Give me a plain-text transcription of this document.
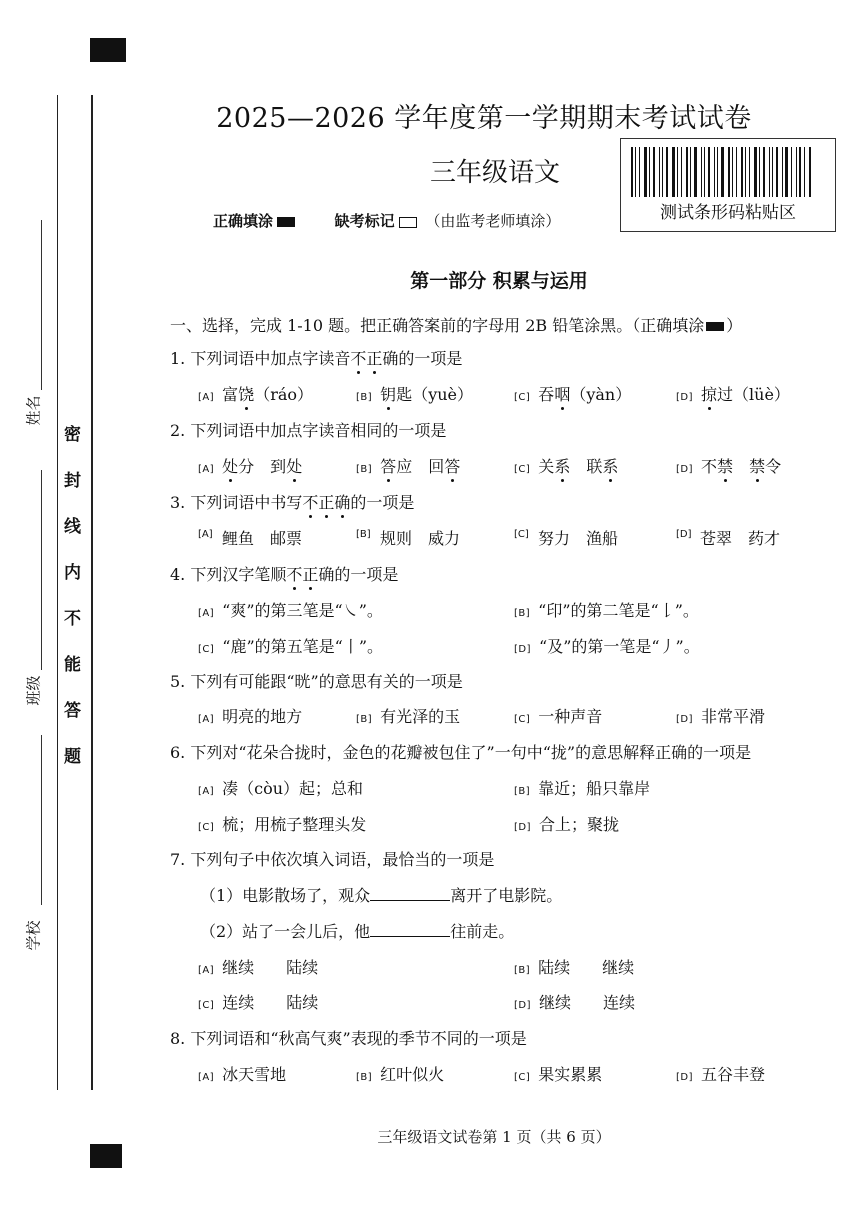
姓名
班级
学校
密
封
线
内
不
能
答
题
2025—2026 学年度第一学期期末考试试卷
三年级语文
正确填涂	缺考标记 （由监考老师填涂）	测试条形码粘贴区
第一部分 积累与运用
一、选择，完成 1-10 题。把正确答案前的字母用 2B 铅笔涂黑。（正确填涂 ）
1. 下列词语中加点字读音不正确的一项是
[A] 富饶（ráo）	[B] 钥匙（yuè）	[C] 吞咽（yàn）	[D] 掠过（lüè）
2. 下列词语中加点字读音相同的一项是
[A] 处分　到处	[B] 答应　回答	[C] 关系　联系	[D] 不禁　 禁令
3. 下列词语中书写不正确的一项是
鲤鱼　邮票	规则　威力	努力　渔船	苍翠　药才
[A]	[B]	[C]	[D]
4. 下列汉字笔顺不正确的一项是
[A] “爽”的第三笔是“㇏”。	[B] “印”的第二笔是“𠄌”。
[C] “鹿”的第五笔是“丨”。	[D] “及”的第一笔是“丿”。
5. 下列有可能跟“晄”的意思有关的一项是
[A] 明亮的地方	[B] 有光泽的玉	[C] 一种声音	[D] 非常平滑
6. 下列对“花朵合拢时，金色的花瓣被包住了”一句中“拢”的意思解释正确的一项是
[A] 凑（còu）起；总和	[B] 靠近；船只靠岸
[C] 梳；用梳子整理头发	[D] 合上；聚拢
7. 下列句子中依次填入词语，最恰当的一项是
（1）电影散场了，观众	离开了电影院。
（2）站了一会儿后，他	往前走。
[A] 继续　　陆续	[B] 陆续　　继续
[C] 连续　　陆续	[D] 继续　　连续
8. 下列词语和“秋高气爽”表现的季节不同的一项是
[A] 冰天雪地	[B] 红叶似火	[C] 果实累累	[D] 五谷丰登
三年级语文试卷第 1 页（共 6 页）
